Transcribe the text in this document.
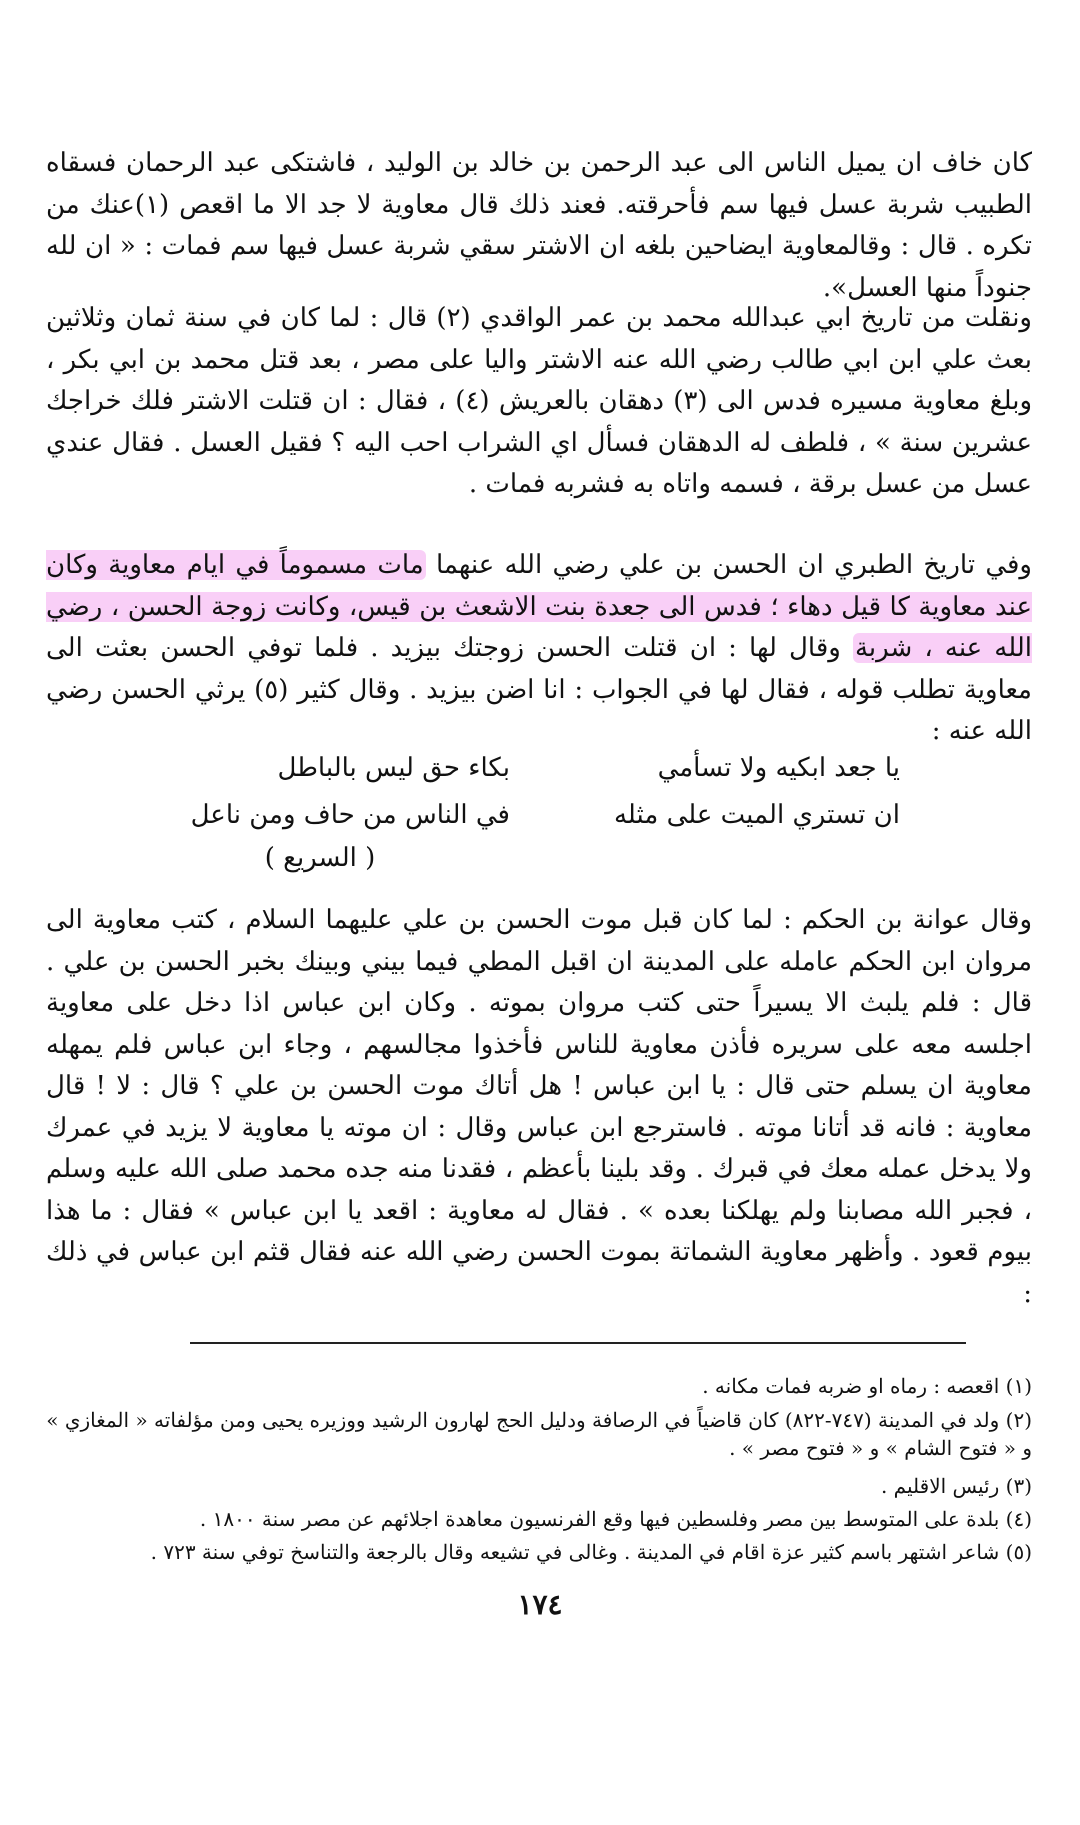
كان خاف ان يميل الناس الى عبد الرحمن بن خالد بن الوليد ، فاشتكى عبد الرحمان فسقاه الطبيب شربة عسل فيها سم فأحرقته. فعند ذلك قال معاوية لا جد الا ما اقعص (١)عنك من تكره . قال : وقالمعاوية ايضاحين بلغه ان الاشتر سقي شربة عسل فيها سم فمات : « ان لله جنوداً منها العسل».

ونقلت من تاريخ ابي عبدالله محمد بن عمر الواقدي (٢) قال : لما كان في سنة ثمان وثلاثين بعث علي ابن ابي طالب رضي الله عنه الاشتر واليا على مصر ، بعد قتل محمد بن ابي بكر ، وبلغ معاوية مسيره فدس الى (٣) دهقان بالعريش (٤) ، فقال : ان قتلت الاشتر فلك خراجك عشرين سنة » ، فلطف له الدهقان فسأل اي الشراب احب اليه ؟ فقيل العسل . فقال عندي عسل من عسل برقة ، فسمه واتاه به فشربه فمات .

وفي تاريخ الطبري ان الحسن بن علي رضي الله عنهما مات مسموماً في ايام معاوية وكان عند معاوية كا قيل دهاء ؛ فدس الى جعدة بنت الاشعث بن قيس، وكانت زوجة الحسن ، رضي الله عنه ، شربة وقال لها : ان قتلت الحسن زوجتك بيزيد . فلما توفي الحسن بعثت الى معاوية تطلب قوله ، فقال لها في الجواب : انا اضن بيزيد . وقال كثير (٥) يرثي الحسن رضي الله عنه :

يا جعد ابكيه ولا تسأمي
بكاء حق ليس بالباطل
ان تستري الميت على مثله
في الناس من حاف ومن ناعل
( السريع )

وقال عوانة بن الحكم : لما كان قبل موت الحسن بن علي عليهما السلام ، كتب معاوية الى مروان ابن الحكم عامله على المدينة ان اقبل المطي فيما بيني وبينك بخبر الحسن بن علي . قال : فلم يلبث الا يسيراً حتى كتب مروان بموته . وكان ابن عباس اذا دخل على معاوية اجلسه معه على سريره فأذن معاوية للناس فأخذوا مجالسهم ، وجاء ابن عباس فلم يمهله معاوية ان يسلم حتى قال : يا ابن عباس ! هل أتاك موت الحسن بن علي ؟ قال : لا ! قال معاوية : فانه قد أتانا موته . فاسترجع ابن عباس وقال : ان موته يا معاوية لا يزيد في عمرك ولا يدخل عمله معك في قبرك . وقد بلينا بأعظم ، فقدنا منه جده محمد صلى الله عليه وسلم ، فجبر الله مصابنا ولم يهلكنا بعده » . فقال له معاوية : اقعد يا ابن عباس » فقال : ما هذا بيوم قعود . وأظهر معاوية الشماتة بموت الحسن رضي الله عنه فقال قثم ابن عباس في ذلك :

(١) اقعصه : رماه او ضربه فمات مكانه .
(٢) ولد في المدينة (٧٤٧-٨٢٢) كان قاضياً في الرصافة ودليل الحج لهارون الرشيد ووزيره يحيى ومن مؤلفاته « المغازي » و « فتوح الشام » و « فتوح مصر » .
(٣) رئيس الاقليم .
(٤) بلدة على المتوسط بين مصر وفلسطين فيها وقع الفرنسيون معاهدة اجلائهم عن مصر سنة ١٨٠٠ .
(٥) شاعر اشتهر باسم كثير عزة اقام في المدينة . وغالى في تشيعه وقال بالرجعة والتناسخ توفي سنة ٧٢٣ .
١٧٤
